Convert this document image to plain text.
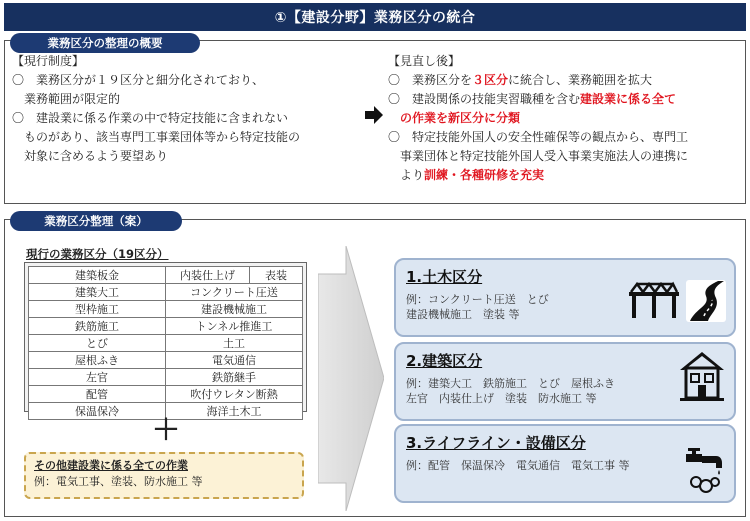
①【建設分野】業務区分の統合
業務区分の整理の概要
【現行制度】
〇　業務区分が１９区分と細分化されており、
　業務範囲が限定的
〇　建設業に係る作業の中で特定技能に含まれない
　ものがあり、該当専門工事業団体等から特定技能の
　対象に含めるよう要望あり
【見直し後】
〇　業務区分を３区分に統合し、業務範囲を拡大
〇　建設関係の技能実習職種を含む建設業に係る全て
　の作業を新区分に分類
〇　特定技能外国人の安全性確保等の観点から、専門工
　事業団体と特定技能外国人受入事業実施法人の連携に
　より訓練・各種研修を充実
業務区分整理（案）
現行の業務区分（19区分）
建築板金	内装仕上げ 表装

建築大工	コンクリート圧送
型枠施工	建設機械施工
鉄筋施工	トンネル推進工
とび	土工
屋根ふき	電気通信
左官	鉄筋継手
配管	吹付ウレタン断熱
保温保冷	海洋土木工
＋
その他建設業に係る全ての作業
例：電気工事、塗装、防水施工 等
1.土木区分
例：コンクリート圧送　とび
建設機械施工　塗装 等
2.建築区分
例：建築大工　鉄筋施工　とび　屋根ふき
左官　内装仕上げ　塗装　防水施工 等
3.ライフライン・設備区分
例：配管　保温保冷　電気通信　電気工事 等
